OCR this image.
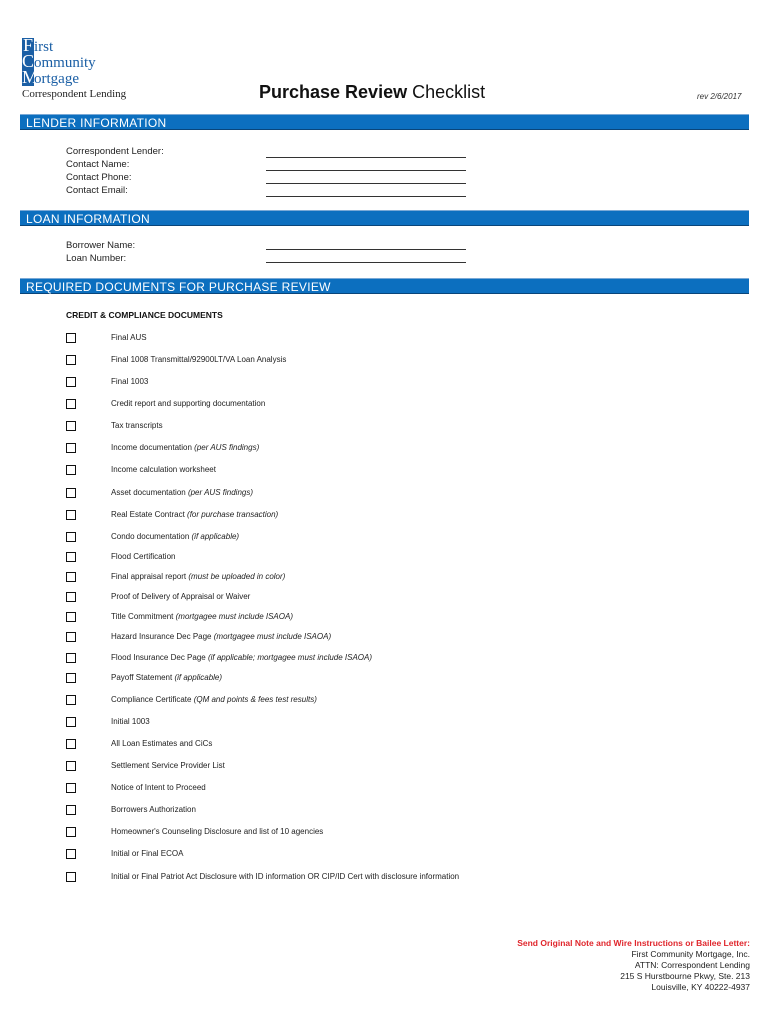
First
Community
Mortgage
Correspondent Lending	Purchase Review Checklist	rev 2/6/2017
LENDER INFORMATION
Correspondent Lender:
Contact Name:
Contact Phone:
Contact Email:
LOAN INFORMATION
Borrower Name:
Loan Number:
REQUIRED DOCUMENTS FOR PURCHASE REVIEW
CREDIT & COMPLIANCE DOCUMENTS
Final AUS
Final 1008 Transmittal/92900LT/VA Loan Analysis
Final 1003
Credit report and supporting documentation
Tax transcripts
Income documentation (per AUS findings)
Income calculation worksheet
Asset documentation (per AUS findings)
Real Estate Contract (for purchase transaction)
Condo documentation (if applicable)
Flood Certification
Final appraisal report (must be uploaded in color)
Proof of Delivery of Appraisal or Waiver
Title Commitment (mortgagee must include ISAOA)
Hazard Insurance Dec Page (mortgagee must include ISAOA)
Flood Insurance Dec Page (if applicable; mortgagee must include ISAOA)
Payoff Statement (if applicable)
Compliance Certificate (QM and points & fees test results)
Initial 1003
All Loan Estimates and CiCs
Settlement Service Provider List
Notice of Intent to Proceed
Borrowers Authorization
Homeowner's Counseling Disclosure and list of 10 agencies
Initial or Final ECOA
Initial or Final Patriot Act Disclosure with ID information OR CIP/ID Cert with disclosure information
Send Original Note and Wire Instructions or Bailee Letter:
First Community Mortgage, Inc.
ATTN: Correspondent Lending
215 S Hurstbourne Pkwy, Ste. 213
Louisville, KY 40222-4937
